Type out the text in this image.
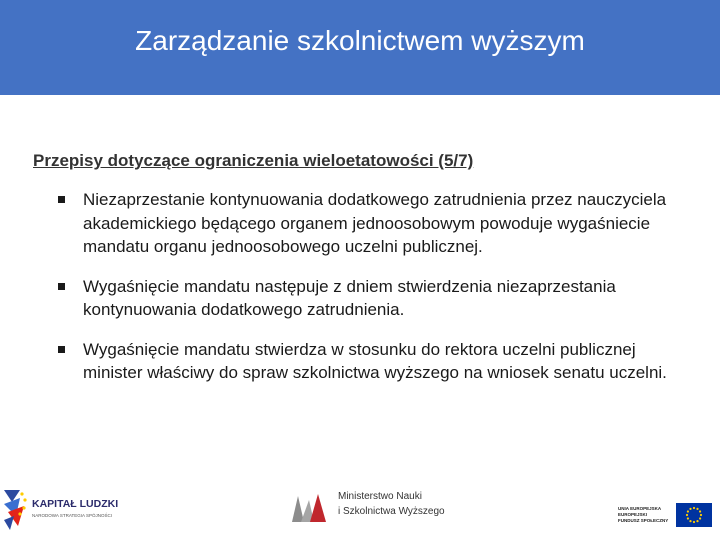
Zarządzanie szkolnictwem wyższym
Przepisy dotyczące ograniczenia wieloetatowości (5/7)
Niezaprzestanie kontynuowania dodatkowego zatrudnienia przez nauczyciela akademickiego będącego organem jednoosobowym powoduje wygaśniecie mandatu organu jednoosobowego uczelni publicznej.
Wygaśnięcie mandatu następuje z dniem stwierdzenia niezaprzestania kontynuowania dodatkowego zatrudnienia.
Wygaśnięcie mandatu stwierdza w stosunku do rektora uczelni publicznej minister właściwy do spraw szkolnictwa wyższego na wniosek senatu uczelni.
KAPITAŁ LUDZKI
NARODOWA STRATEGIA SPÓJNOŚCI
Ministerstwo Nauki
i Szkolnictwa Wyższego	UNIA EUROPEJSKA
EUROPEJSKI
FUNDUSZ SPOŁECZNY
